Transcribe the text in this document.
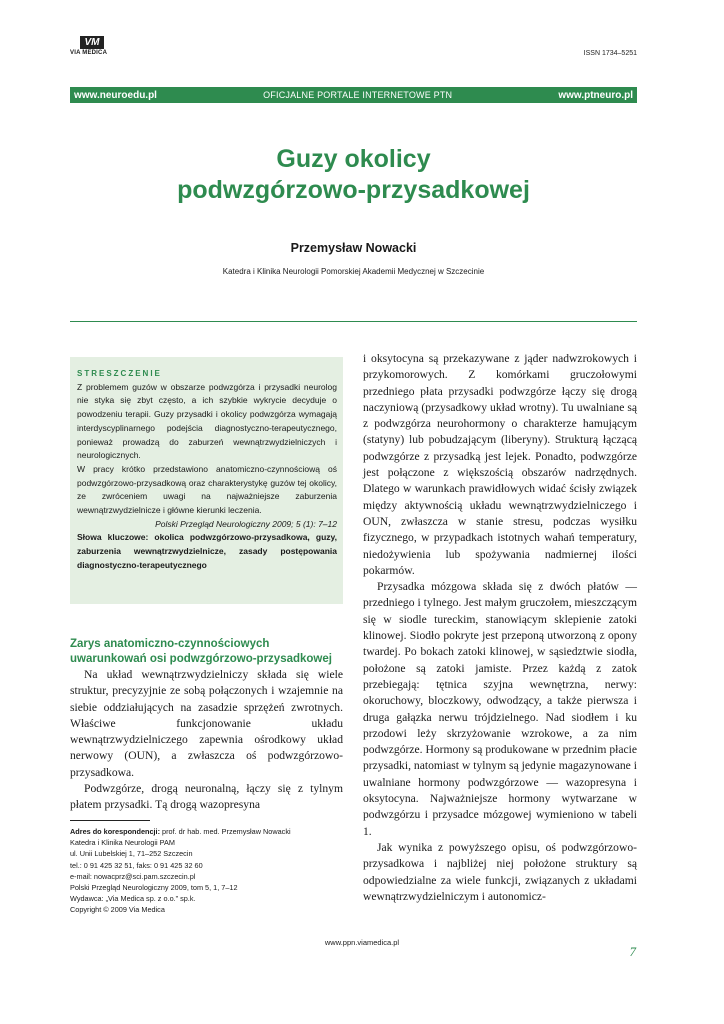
VM
VIA MEDICA	ISSN 1734–5251
www.neuroedu.pl	OFICJALNE PORTALE INTERNETOWE PTN	www.ptneuro.pl
Guzy okolicy
podwzgórzowo-przysadkowej
Przemysław Nowacki
Katedra i Klinika Neurologii Pomorskiej Akademii Medycznej w Szczecinie
STRESZCZENIE

Z problemem guzów w obszarze podwzgórza i przysadki neurolog nie styka się zbyt często, a ich szybkie wykrycie decyduje o powodzeniu terapii. Guzy przysadki i okolicy podwzgórza wymagają interdyscyplinarnego podejścia diagnostyczno-terapeutycznego, ponieważ prowadzą do zaburzeń wewnątrzwydzielniczych i neurologicznych.

W pracy krótko przedstawiono anatomiczno-czynnościową oś podwzgórzowo-przysadkową oraz charakterystykę guzów tej okolicy, ze zwróceniem uwagi na najważniejsze zaburzenia wewnątrzwydzielnicze i główne kierunki leczenia.

Polski Przegląd Neurologiczny 2009; 5 (1): 7–12

Słowa kluczowe: okolica podwzgórzowo-przysadkowa, guzy, zaburzenia wewnątrzwydzielnicze, zasady postępowania diagnostyczno-terapeutycznego

Zarys anatomiczno-czynnościowych uwarunkowań osi podwzgórzowo-przysadkowej

Na układ wewnątrzwydzielniczy składa się wiele struktur, precyzyjnie ze sobą połączonych i wzajemnie na siebie oddziałujących na zasadzie sprzężeń zwrotnych. Właściwe funkcjonowanie układu wewnątrzwydzielniczego zapewnia ośrodkowy układ nerwowy (OUN), a zwłaszcza oś podwzgórzowo-przysadkowa.

Podwzgórze, drogą neuronalną, łączy się z tylnym płatem przysadki. Tą drogą wazopresyna

i oksytocyna są przekazywane z jąder nadwzrokowych i przykomorowych. Z komórkami gruczołowymi przedniego płata przysadki podwzgórze łączy się drogą naczyniową (przysadkowy układ wrotny). Tu uwalniane są z podwzgórza neurohormony o charakterze hamującym (statyny) lub pobudzającym (liberyny). Strukturą łączącą podwzgórze z przysadką jest lejek. Ponadto, podwzgórze jest połączone z większością obszarów nadrzędnych. Dlatego w warunkach prawidłowych widać ścisły związek między aktywnością układu wewnątrzwydzielniczego i OUN, zwłaszcza w stanie stresu, podczas wysiłku fizycznego, w przypadkach istotnych wahań temperatury, niedożywienia lub spożywania nadmiernej ilości pokarmów.

Przysadka mózgowa składa się z dwóch płatów — przedniego i tylnego. Jest małym gruczołem, mieszczącym się w siodle tureckim, stanowiącym sklepienie zatoki klinowej. Siodło pokryte jest przeponą utworzoną z opony twardej. Po bokach zatoki klinowej, w sąsiedztwie siodła, położone są zatoki jamiste. Przez każdą z zatok przebiegają: tętnica szyjna wewnętrzna, nerwy: okoruchowy, bloczkowy, odwodzący, a także pierwsza i druga gałązka nerwu trójdzielnego. Nad siodłem i ku przodowi leży skrzyżowanie wzrokowe, a za nim podwzgórze. Hormony są produkowane w przednim płacie przysadki, natomiast w tylnym są jedynie magazynowane i uwalniane hormony podwzgórzowe — wazopresyna i oksytocyna. Najważniejsze hormony wytwarzane w podwzgórzu i przysadce mózgowej wymieniono w tabeli 1.

Jak wynika z powyższego opisu, oś podwzgórzowo-przysadkowa i najbliżej niej położone struktury są odpowiedzialne za wiele funkcji, związanych z układami wewnątrzwydzielniczym i autonomicz-

Adres do korespondencji: prof. dr hab. med. Przemysław Nowacki
Katedra i Klinika Neurologii PAM
ul. Unii Lubelskiej 1, 71–252 Szczecin
tel.: 0 91 425 32 51, faks: 0 91 425 32 60
e-mail: nowacprz@sci.pam.szczecin.pl
Polski Przegląd Neurologiczny 2009, tom 5, 1, 7–12
Wydawca: „Via Medica sp. z o.o.” sp.k.
Copyright © 2009 Via Medica
www.ppn.viamedica.pl
7
